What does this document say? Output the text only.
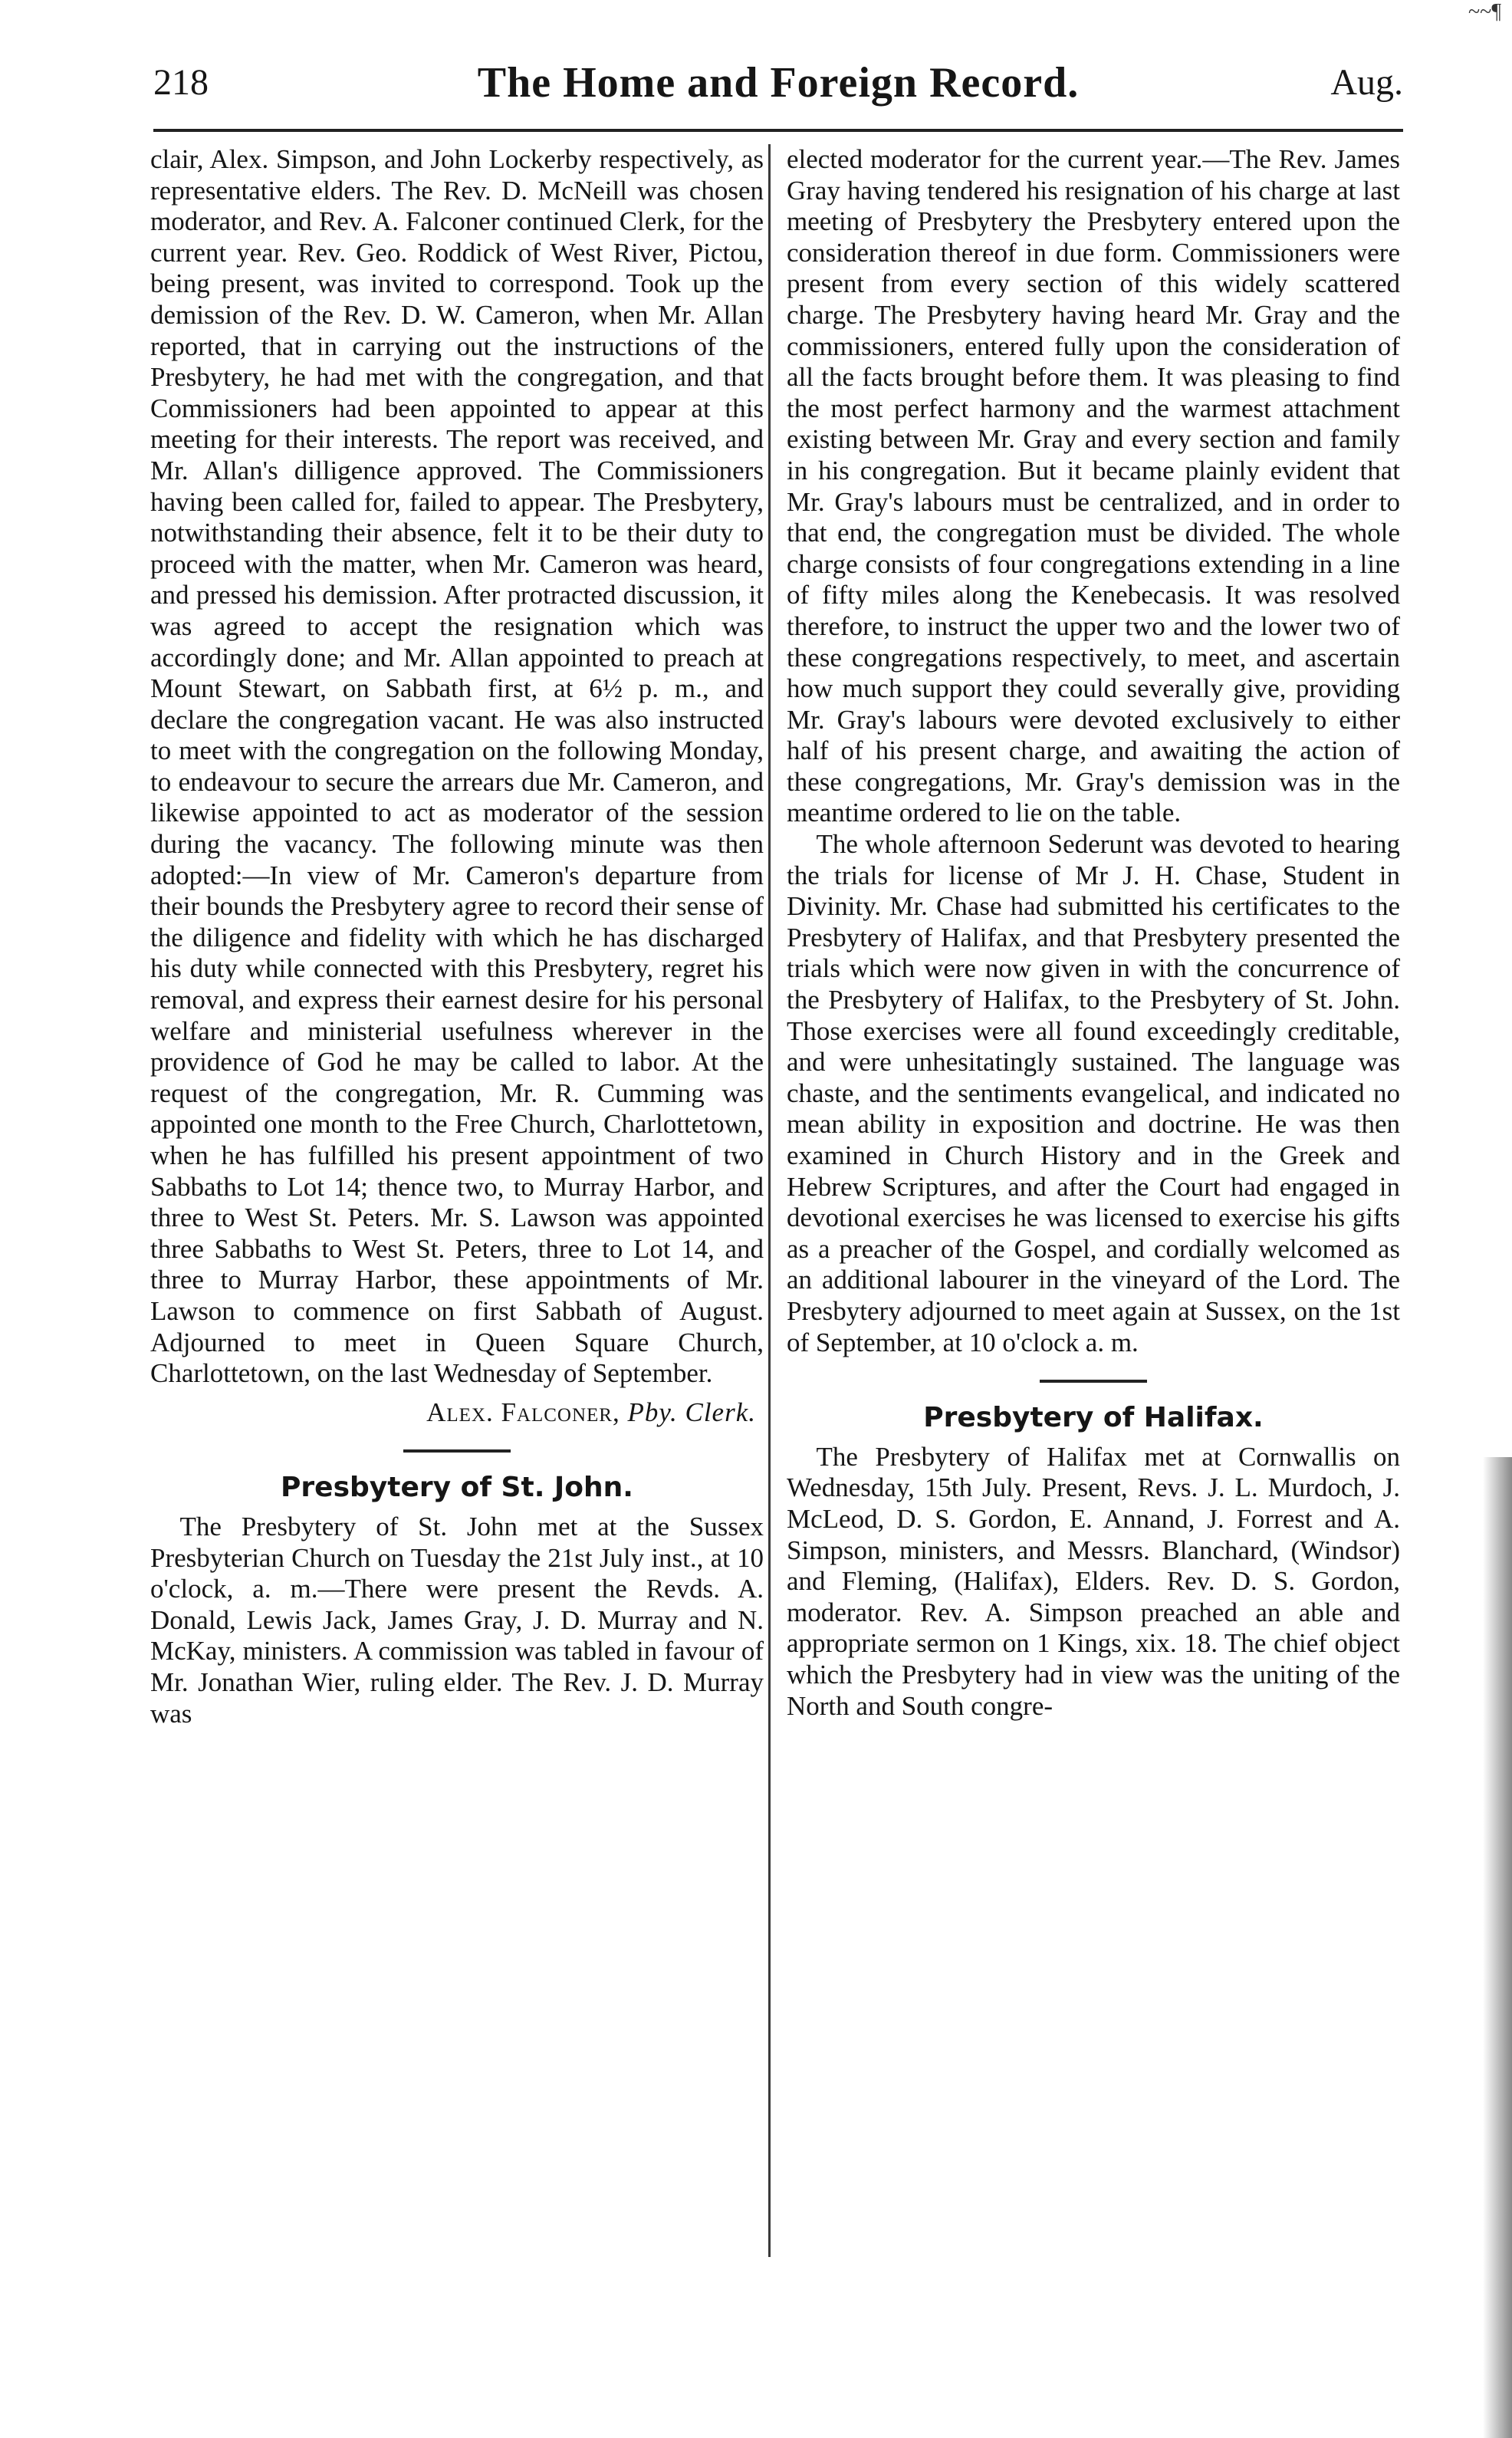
~~¶
218	The Home and Foreign Record.	Aug.

clair, Alex. Simpson, and John Lockerby respectively, as representative elders. The Rev. D. McNeill was chosen moderator, and Rev. A. Falconer continued Clerk, for the current year. Rev. Geo. Roddick of West River, Pictou, being present, was invited to correspond. Took up the demission of the Rev. D. W. Cameron, when Mr. Allan reported, that in carrying out the instructions of the Presbytery, he had met with the congregation, and that Commissioners had been appointed to appear at this meeting for their interests. The report was received, and Mr. Allan's dilligence approved. The Commissioners having been called for, failed to appear. The Presbytery, notwithstanding their absence, felt it to be their duty to proceed with the matter, when Mr. Cameron was heard, and pressed his demission. After protracted discussion, it was agreed to accept the resignation which was accordingly done; and Mr. Allan appointed to preach at Mount Stewart, on Sabbath first, at 6½ p. m., and declare the congregation vacant. He was also instructed to meet with the congregation on the following Monday, to endeavour to secure the arrears due Mr. Cameron, and likewise appointed to act as moderator of the session during the vacancy. The following minute was then adopted:—In view of Mr. Cameron's departure from their bounds the Presbytery agree to record their sense of the diligence and fidelity with which he has discharged his duty while connected with this Presbytery, regret his removal, and express their earnest desire for his personal welfare and ministerial usefulness wherever in the providence of God he may be called to labor. At the request of the congregation, Mr. R. Cumming was appointed one month to the Free Church, Charlottetown, when he has fulfilled his present appointment of two Sabbaths to Lot 14; thence two, to Murray Harbor, and three to West St. Peters. Mr. S. Lawson was appointed three Sabbaths to West St. Peters, three to Lot 14, and three to Murray Harbor, these appointments of Mr. Lawson to commence on first Sabbath of August. Adjourned to meet in Queen Square Church, Charlottetown, on the last Wednesday of September.

Alex. Falconer, Pby. Clerk.
Presbytery of St. John.

The Presbytery of St. John met at the Sussex Presbyterian Church on Tuesday the 21st July inst., at 10 o'clock, a. m.—There were present the Revds. A. Donald, Lewis Jack, James Gray, J. D. Murray and N. McKay, ministers. A commission was tabled in favour of Mr. Jonathan Wier, ruling elder. The Rev. J. D. Murray was

elected moderator for the current year.—The Rev. James Gray having tendered his resignation of his charge at last meeting of Presbytery the Presbytery entered upon the consideration thereof in due form. Commissioners were present from every section of this widely scattered charge. The Presbytery having heard Mr. Gray and the commissioners, entered fully upon the consideration of all the facts brought before them. It was pleasing to find the most perfect harmony and the warmest attachment existing between Mr. Gray and every section and family in his congregation. But it became plainly evident that Mr. Gray's labours must be centralized, and in order to that end, the congregation must be divided. The whole charge consists of four congregations extending in a line of fifty miles along the Kenebecasis. It was resolved therefore, to instruct the upper two and the lower two of these congregations respectively, to meet, and ascertain how much support they could severally give, providing Mr. Gray's labours were devoted exclusively to either half of his present charge, and awaiting the action of these congregations, Mr. Gray's demission was in the meantime ordered to lie on the table.

The whole afternoon Sederunt was devoted to hearing the trials for license of Mr J. H. Chase, Student in Divinity. Mr. Chase had submitted his certificates to the Presbytery of Halifax, and that Presbytery presented the trials which were now given in with the concurrence of the Presbytery of Halifax, to the Presbytery of St. John. Those exercises were all found exceedingly creditable, and were unhesitatingly sustained. The language was chaste, and the sentiments evangelical, and indicated no mean ability in exposition and doctrine. He was then examined in Church History and in the Greek and Hebrew Scriptures, and after the Court had engaged in devotional exercises he was licensed to exercise his gifts as a preacher of the Gospel, and cordially welcomed as an additional labourer in the vineyard of the Lord. The Presbytery adjourned to meet again at Sussex, on the 1st of September, at 10 o'clock a. m.

Presbytery of Halifax.

The Presbytery of Halifax met at Cornwallis on Wednesday, 15th July. Present, Revs. J. L. Murdoch, J. McLeod, D. S. Gordon, E. Annand, J. Forrest and A. Simpson, ministers, and Messrs. Blanchard, (Windsor) and Fleming, (Halifax), Elders. Rev. D. S. Gordon, moderator. Rev. A. Simpson preached an able and appropriate sermon on 1 Kings, xix. 18. The chief object which the Presbytery had in view was the uniting of the North and South congre-
